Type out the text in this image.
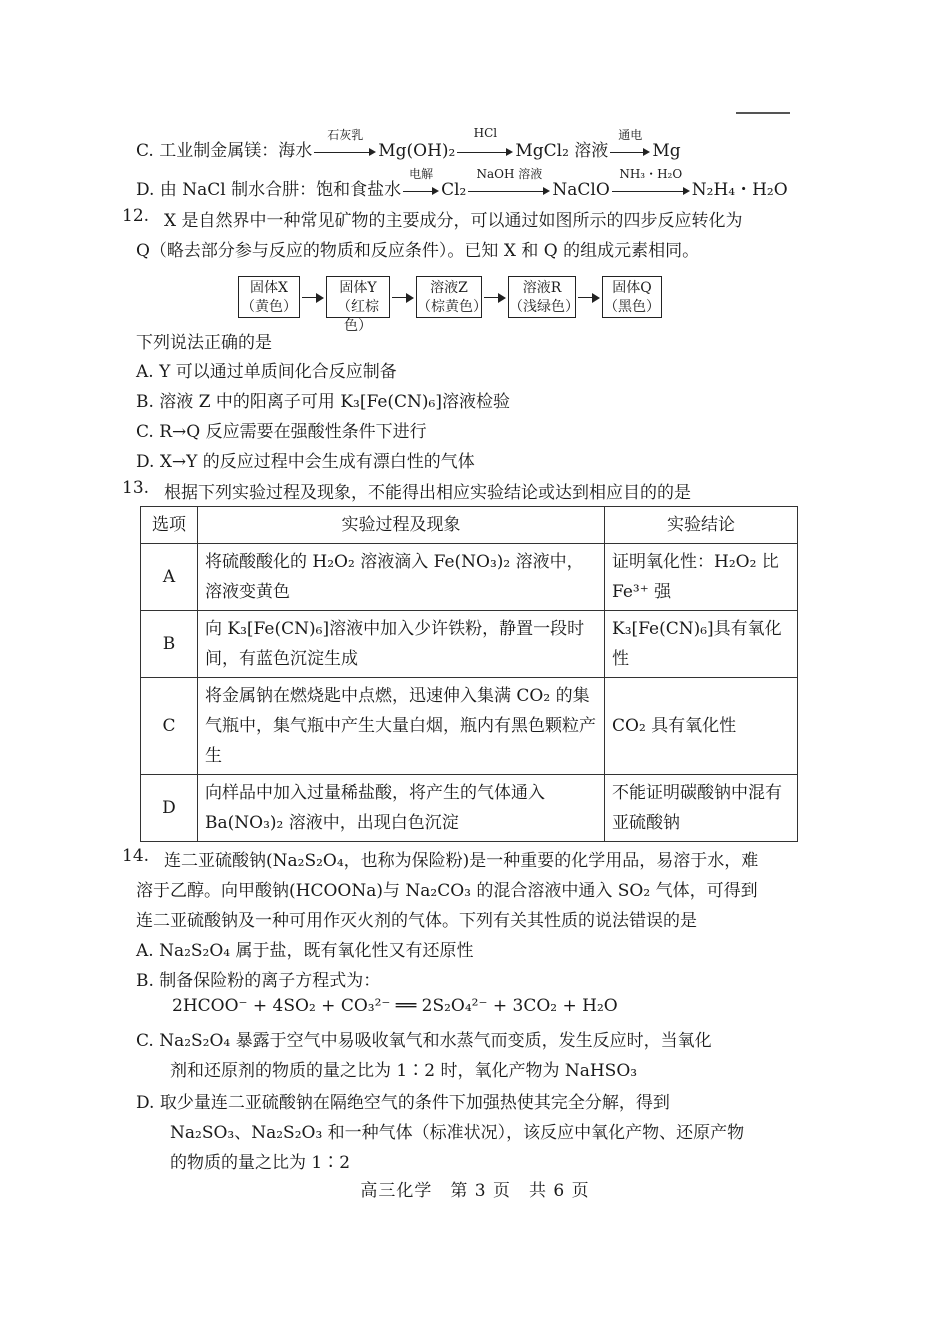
C. 工业制金属镁：海水
石灰乳
Mg(OH)₂
HCl
MgCl₂ 溶液
通电
Mg
D. 由 NaCl 制水合肼：饱和食盐水
电解
Cl₂
NaOH 溶液
NaClO
NH₃・H₂O
N₂H₄・H₂O
12. X 是自然界中一种常见矿物的主要成分，可以通过如图所示的四步反应转化为
Q（略去部分参与反应的物质和反应条件）。已知 X 和 Q 的组成元素相同。
固体X
（黄色）
固体Y
（红棕色）
溶液Z
（棕黄色）
溶液R
（浅绿色）
固体Q
（黑色）
下列说法正确的是
A. Y 可以通过单质间化合反应制备
B. 溶液 Z 中的阳离子可用 K₃[Fe(CN)₆]溶液检验
C. R→Q 反应需要在强酸性条件下进行
D. X→Y 的反应过程中会生成有漂白性的气体
13. 根据下列实验过程及现象，不能得出相应实验结论或达到相应目的的是
选项	实验过程及现象	实验结论
A	将硫酸酸化的 H₂O₂ 溶液滴入 Fe(NO₃)₂ 溶液中，溶液变黄色	证明氧化性：H₂O₂ 比 Fe³⁺ 强
B	向 K₃[Fe(CN)₆]溶液中加入少许铁粉，静置一段时间，有蓝色沉淀生成	K₃[Fe(CN)₆]具有氧化性
C	将金属钠在燃烧匙中点燃，迅速伸入集满 CO₂ 的集气瓶中，集气瓶中产生大量白烟，瓶内有黑色颗粒产生	CO₂ 具有氧化性
D	向样品中加入过量稀盐酸，将产生的气体通入 Ba(NO₃)₂ 溶液中，出现白色沉淀	不能证明碳酸钠中混有亚硫酸钠
14. 连二亚硫酸钠(Na₂S₂O₄，也称为保险粉)是一种重要的化学用品，易溶于水，难
溶于乙醇。向甲酸钠(HCOONa)与 Na₂CO₃ 的混合溶液中通入 SO₂ 气体，可得到
连二亚硫酸钠及一种可用作灭火剂的气体。下列有关其性质的说法错误的是
A. Na₂S₂O₄ 属于盐，既有氧化性又有还原性
B. 制备保险粉的离子方程式为：
2HCOO⁻ + 4SO₂ + CO₃²⁻ ══ 2S₂O₄²⁻ + 3CO₂ + H₂O
C. Na₂S₂O₄ 暴露于空气中易吸收氧气和水蒸气而变质，发生反应时，当氧化
剂和还原剂的物质的量之比为 1∶2 时，氧化产物为 NaHSO₃
D. 取少量连二亚硫酸钠在隔绝空气的条件下加强热使其完全分解，得到
Na₂SO₃、Na₂S₂O₃ 和一种气体（标准状况），该反应中氧化产物、还原产物
的物质的量之比为 1∶2
高三化学　第 3 页　共 6 页
